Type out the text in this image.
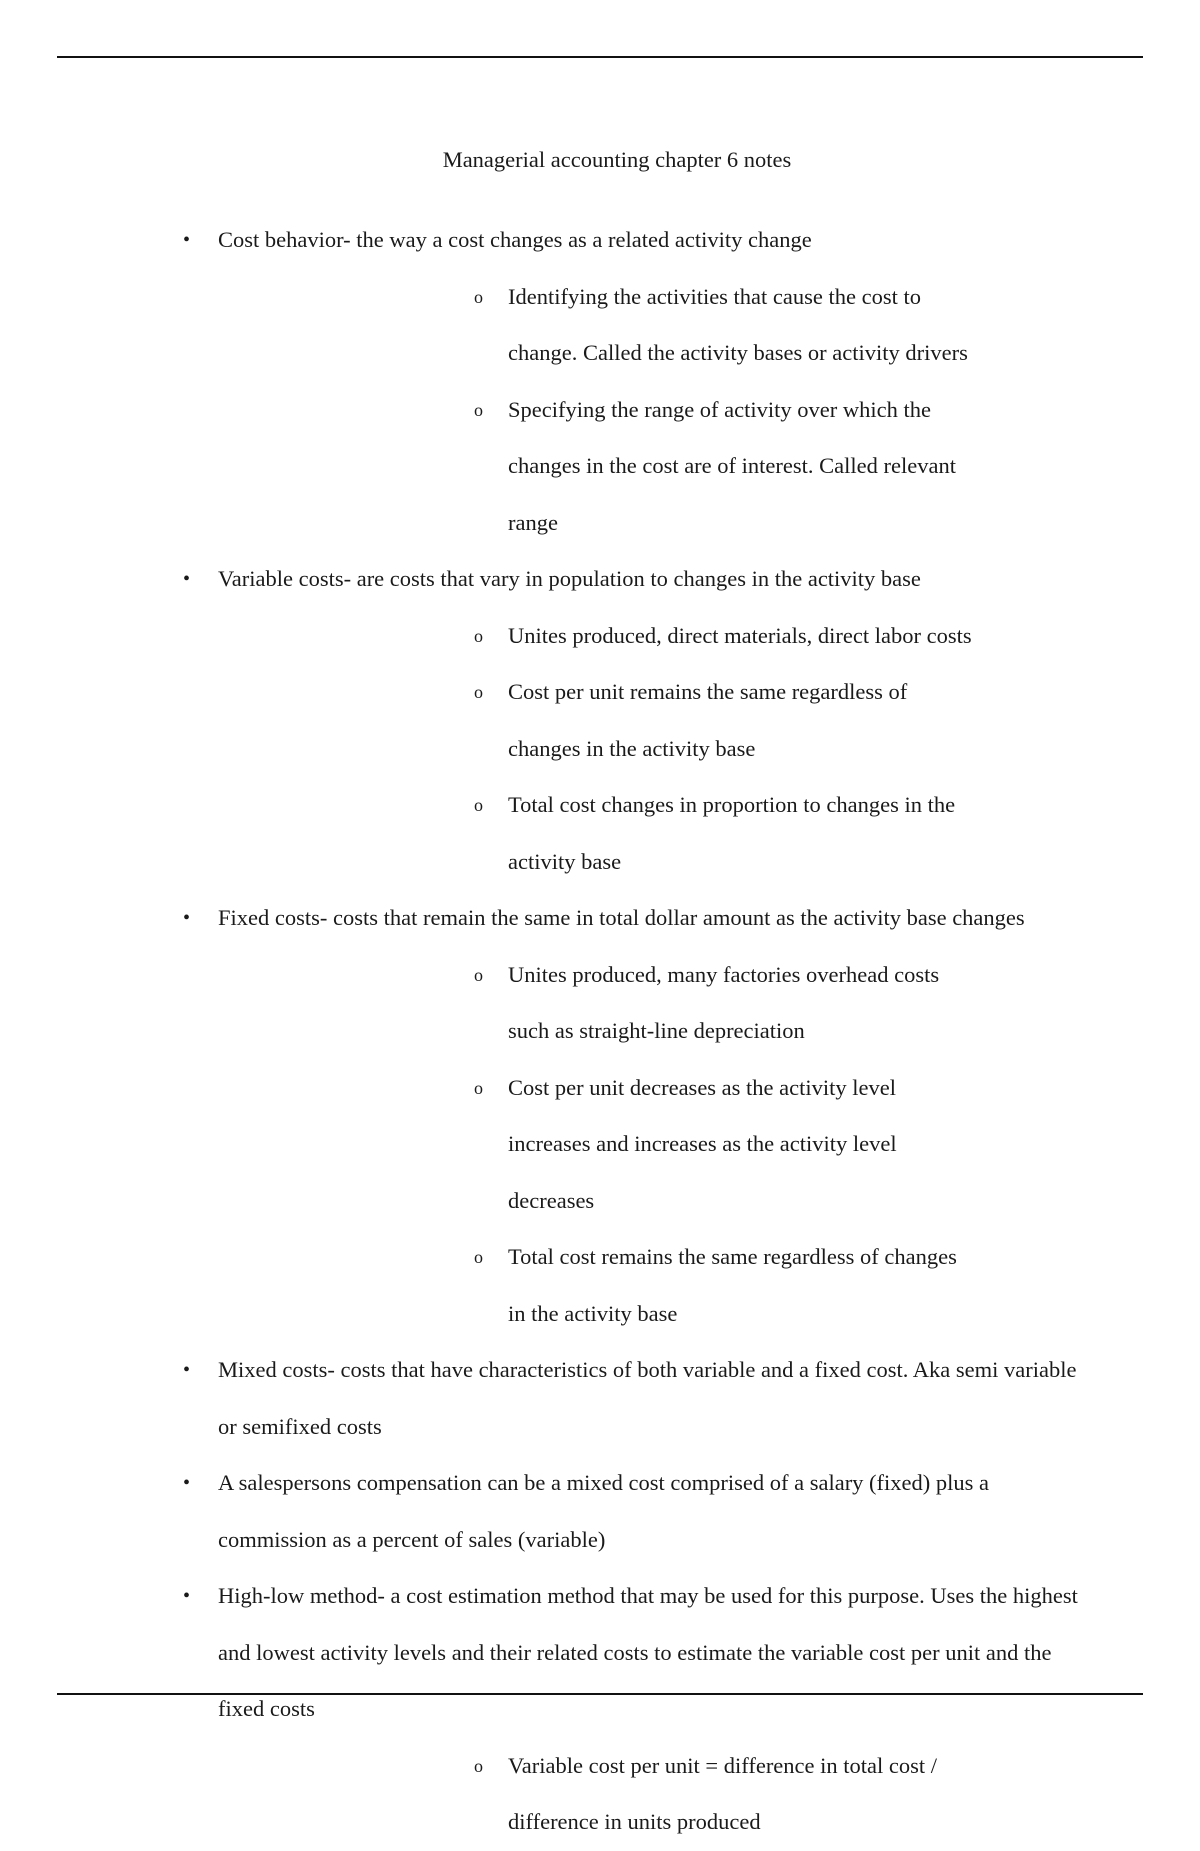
Managerial accounting chapter 6 notes
• Cost behavior- the way a cost changes as a related activity change
o Identifying the activities that cause the cost to change. Called the activity bases or activity drivers
o Specifying the range of activity over which the changes in the cost are of interest. Called relevant range
• Variable costs- are costs that vary in population to changes in the activity base
o Unites produced, direct materials, direct labor costs
o Cost per unit remains the same regardless of changes in the activity base
o Total cost changes in proportion to changes in the activity base
• Fixed costs- costs that remain the same in total dollar amount as the activity base changes
o Unites produced, many factories overhead costs such as straight-line depreciation
o Cost per unit decreases as the activity level increases and increases as the activity level decreases
o Total cost remains the same regardless of changes in the activity base
• Mixed costs- costs that have characteristics of both variable and a fixed cost. Aka semi variable or semifixed costs
• A salespersons compensation can be a mixed cost comprised of a salary (fixed) plus a commission as a percent of sales (variable)
• High-low method- a cost estimation method that may be used for this purpose. Uses the highest and lowest activity levels and their related costs to estimate the variable cost per unit and the fixed costs
o Variable cost per unit = difference in total cost / difference in units produced
